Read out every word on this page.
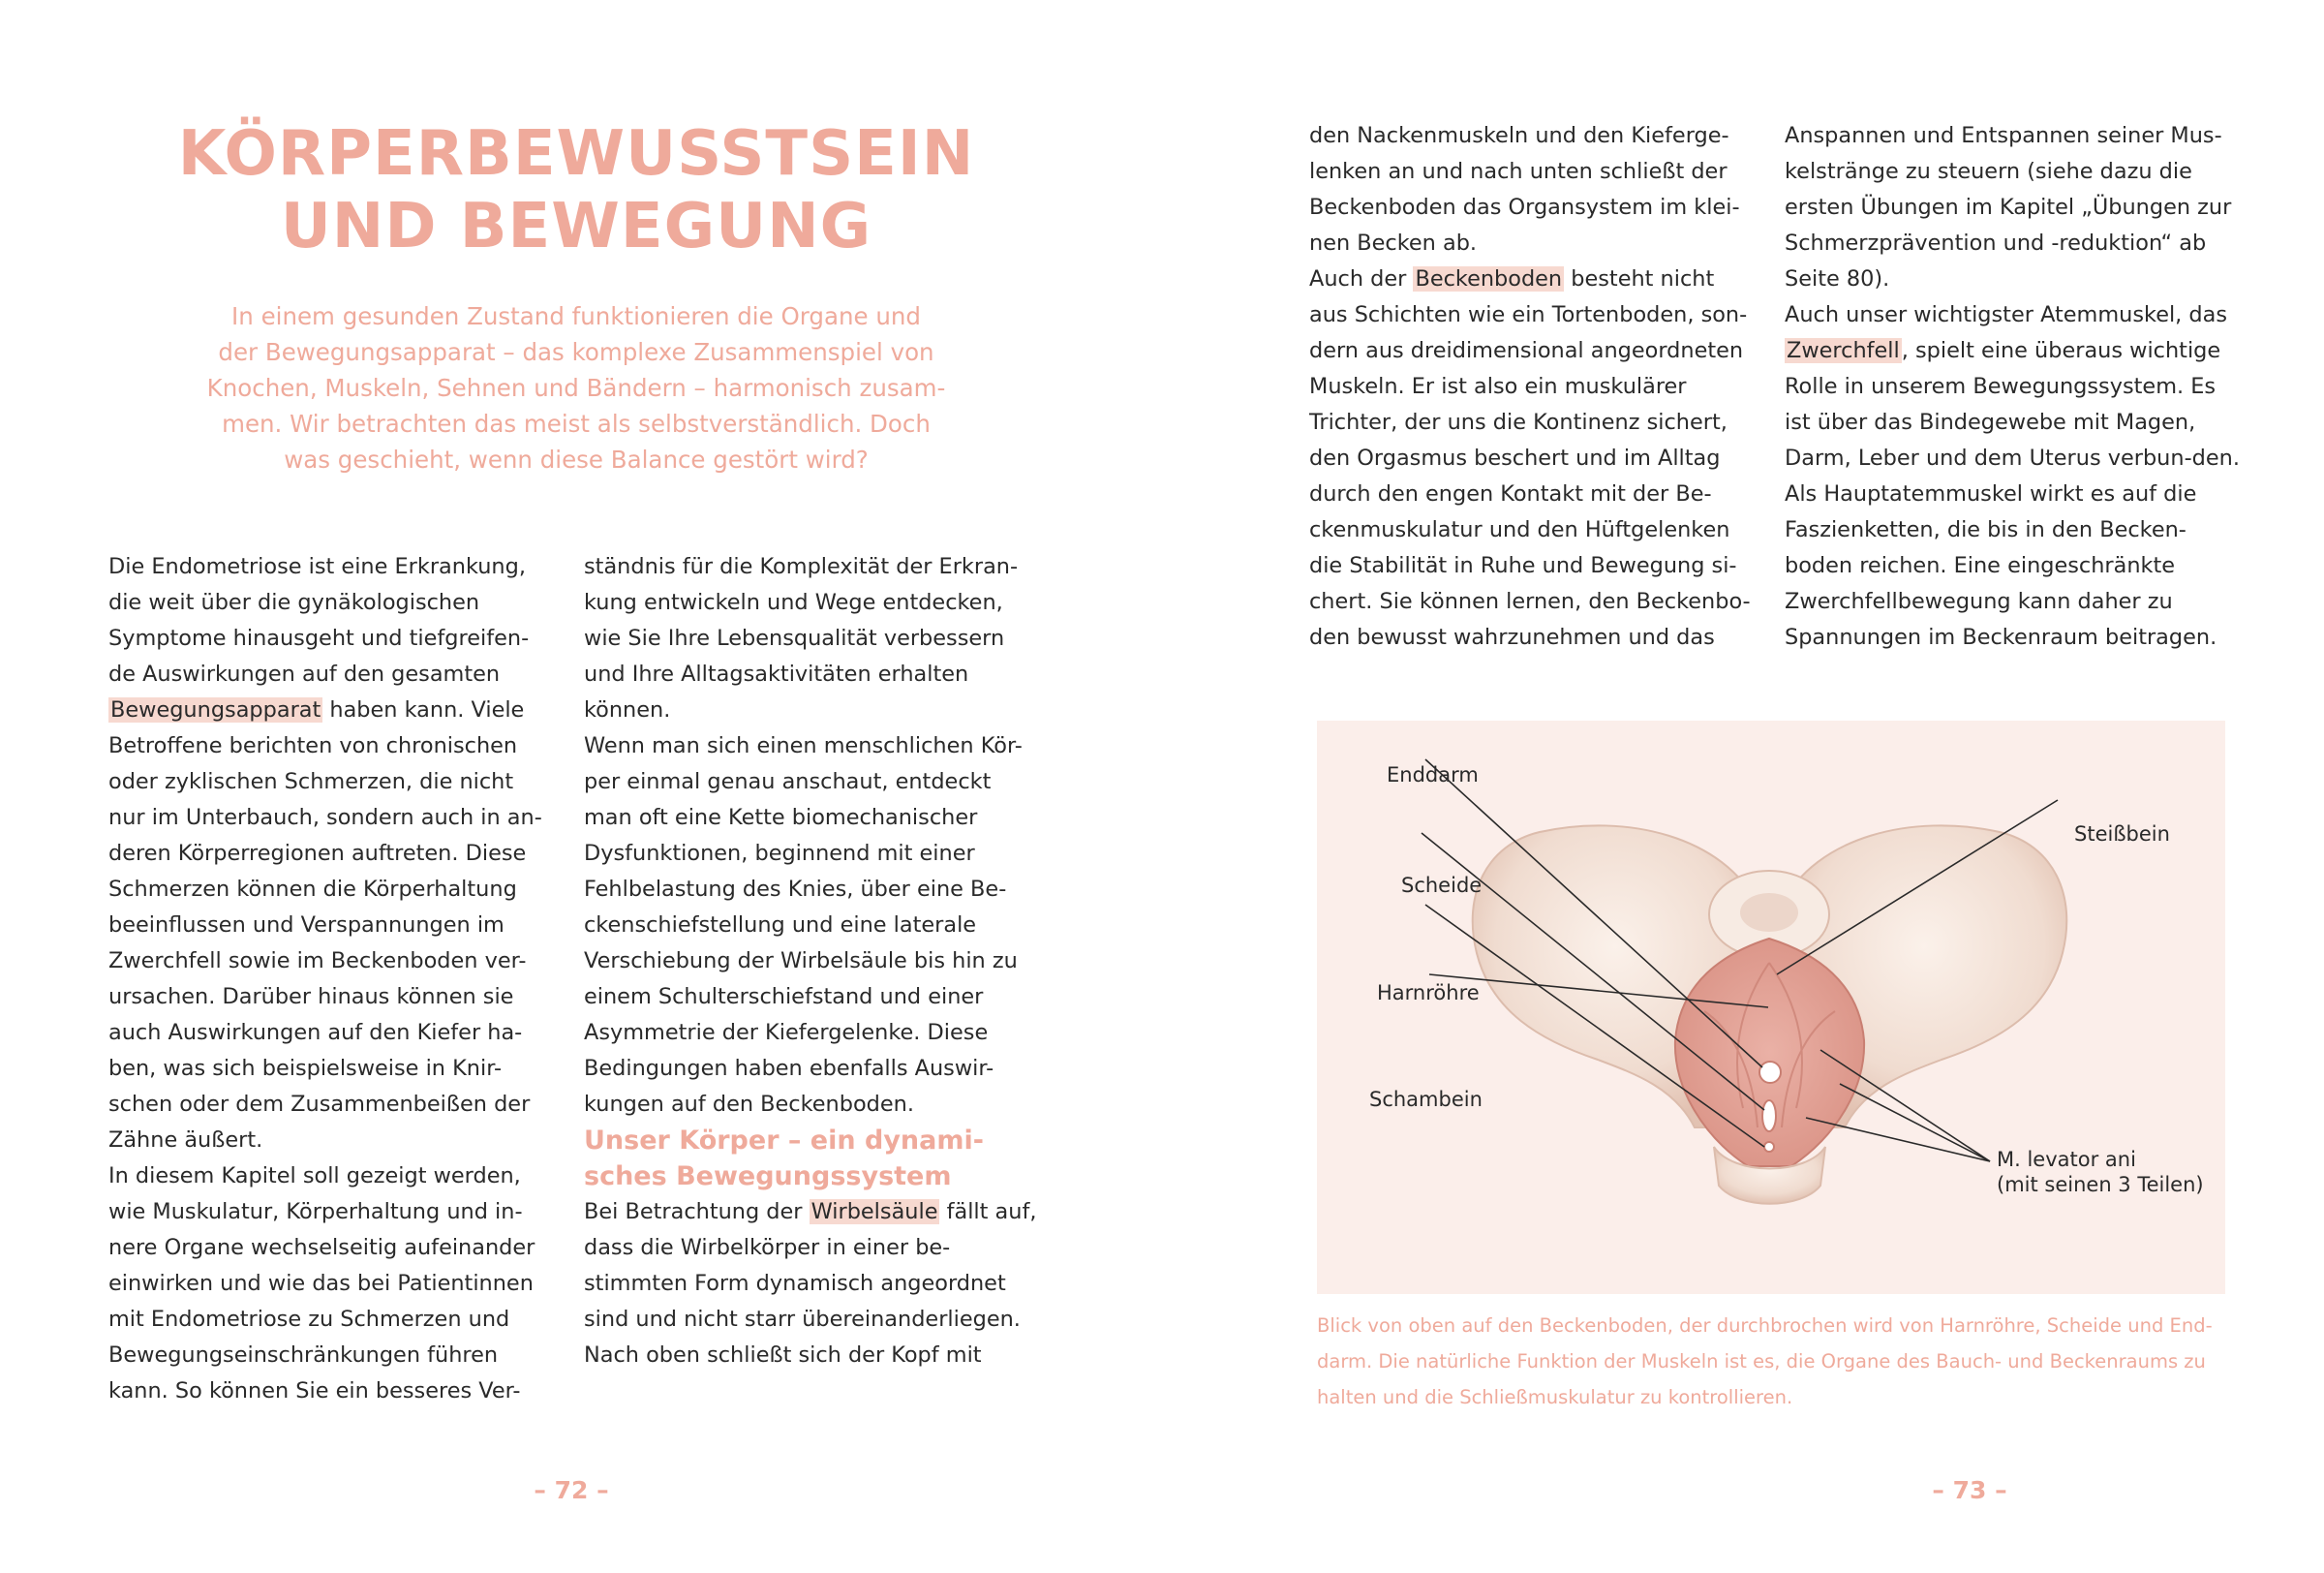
KÖRPERBEWUSSTSEIN
UND BEWEGUNG

In einem gesunden Zustand funktionieren die Organe und
der Bewegungsapparat – das komplexe Zusammenspiel von
Knochen, Muskeln, Sehnen und Bändern – harmonisch zusam-
men. Wir betrachten das meist als selbstverständlich. Doch
was geschieht, wenn diese Balance gestört wird?

Die Endometriose ist eine Erkrankung, die weit über die gynäkologischen Symptome hinausgeht und tiefgreifen-de Auswirkungen auf den gesamten Bewegungsapparat haben kann. Viele Betroffene berichten von chronischen oder zyklischen Schmerzen, die nicht nur im Unterbauch, sondern auch in an-deren Körperregionen auftreten. Diese Schmerzen können die Körperhaltung beeinflussen und Verspannungen im Zwerchfell sowie im Beckenboden ver-ursachen. Darüber hinaus können sie auch Auswirkungen auf den Kiefer ha-ben, was sich beispielsweise in Knir-schen oder dem Zusammenbeißen der Zähne äußert.

In diesem Kapitel soll gezeigt werden, wie Muskulatur, Körperhaltung und in-nere Organe wechselseitig aufeinander einwirken und wie das bei Patientinnen mit Endometriose zu Schmerzen und Bewegungseinschränkungen führen kann. So können Sie ein besseres Ver-

ständnis für die Komplexität der Erkran-kung entwickeln und Wege entdecken, wie Sie Ihre Lebensqualität verbessern und Ihre Alltagsaktivitäten erhalten können.

Wenn man sich einen menschlichen Kör-per einmal genau anschaut, entdeckt man oft eine Kette biomechanischer Dysfunktionen, beginnend mit einer Fehlbelastung des Knies, über eine Be-ckenschiefstellung und eine laterale Verschiebung der Wirbelsäule bis hin zu einem Schulterschiefstand und einer Asymmetrie der Kiefergelenke. Diese Bedingungen haben ebenfalls Auswir-kungen auf den Beckenboden.

Unser Körper – ein dynami-sches Bewegungssystem

Bei Betrachtung der Wirbelsäule fällt auf, dass die Wirbelkörper in einer be-stimmten Form dynamisch angeordnet sind und nicht starr übereinanderliegen. Nach oben schließt sich der Kopf mit

– 72 –

den Nackenmuskeln und den Kieferge-lenken an und nach unten schließt der Beckenboden das Organsystem im klei-nen Becken ab.

Auch der Beckenboden besteht nicht aus Schichten wie ein Tortenboden, son-dern aus dreidimensional angeordneten Muskeln. Er ist also ein muskulärer Trichter, der uns die Kontinenz sichert, den Orgasmus beschert und im Alltag durch den engen Kontakt mit der Be-ckenmuskulatur und den Hüftgelenken die Stabilität in Ruhe und Bewegung si-chert. Sie können lernen, den Beckenbo-den bewusst wahrzunehmen und das

Anspannen und Entspannen seiner Mus-kelstränge zu steuern (siehe dazu die ersten Übungen im Kapitel „Übungen zur Schmerzprävention und -reduktion“ ab Seite 80).

Auch unser wichtigster Atemmuskel, das Zwerchfell, spielt eine überaus wichtige Rolle in unserem Bewegungssystem. Es ist über das Bindegewebe mit Magen, Darm, Leber und dem Uterus verbun-den. Als Hauptatemmuskel wirkt es auf die Faszienketten, die bis in den Becken-boden reichen. Eine eingeschränkte Zwerchfellbewegung kann daher zu Spannungen im Beckenraum beitragen.

– 73 –
Enddarm
Scheide
Harnröhre
Schambein
Steißbein
M. levator ani
(mit seinen 3 Teilen)

Blick von oben auf den Beckenboden, der durchbrochen wird von Harnröhre, Scheide und End-darm. Die natürliche Funktion der Muskeln ist es, die Organe des Bauch- und Beckenraums zu halten und die Schließmuskulatur zu kontrollieren.
